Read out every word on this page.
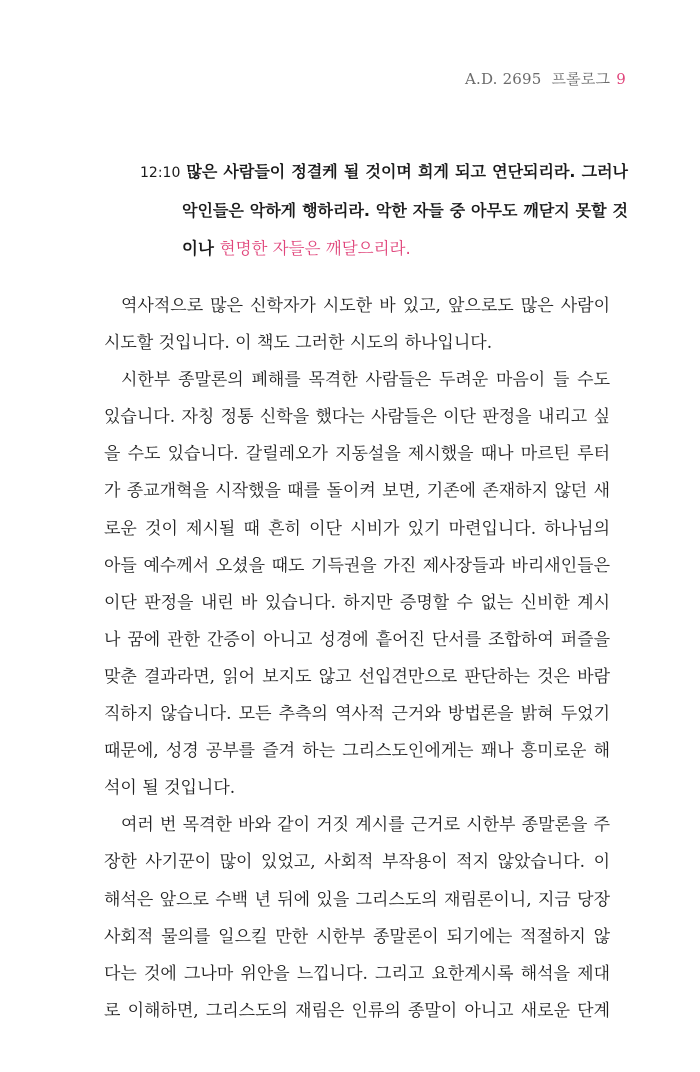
A.D. 2695  프롤로그 9
12:10 많은 사람들이 정결케 될 것이며 희게 되고 연단되리라. 그러나
악인들은 악하게 행하리라. 악한 자들 중 아무도 깨닫지 못할 것
이나 현명한 자들은 깨달으리라.
역사적으로 많은 신학자가 시도한 바 있고, 앞으로도 많은 사람이
시도할 것입니다. 이 책도 그러한 시도의 하나입니다.
시한부 종말론의 폐해를 목격한 사람들은 두려운 마음이 들 수도
있습니다. 자칭 정통 신학을 했다는 사람들은 이단 판정을 내리고 싶
을 수도 있습니다. 갈릴레오가 지동설을 제시했을 때나 마르틴 루터
가 종교개혁을 시작했을 때를 돌이켜 보면, 기존에 존재하지 않던 새
로운 것이 제시될 때 흔히 이단 시비가 있기 마련입니다. 하나님의
아들 예수께서 오셨을 때도 기득권을 가진 제사장들과 바리새인들은
이단 판정을 내린 바 있습니다. 하지만 증명할 수 없는 신비한 계시
나 꿈에 관한 간증이 아니고 성경에 흩어진 단서를 조합하여 퍼즐을
맞춘 결과라면, 읽어 보지도 않고 선입견만으로 판단하는 것은 바람
직하지 않습니다. 모든 추측의 역사적 근거와 방법론을 밝혀 두었기
때문에, 성경 공부를 즐겨 하는 그리스도인에게는 꽤나 흥미로운 해
석이 될 것입니다.
여러 번 목격한 바와 같이 거짓 계시를 근거로 시한부 종말론을 주
장한 사기꾼이 많이 있었고, 사회적 부작용이 적지 않았습니다. 이
해석은 앞으로 수백 년 뒤에 있을 그리스도의 재림론이니, 지금 당장
사회적 물의를 일으킬 만한 시한부 종말론이 되기에는 적절하지 않
다는 것에 그나마 위안을 느낍니다. 그리고 요한계시록 해석을 제대
로 이해하면, 그리스도의 재림은 인류의 종말이 아니고 새로운 단계
